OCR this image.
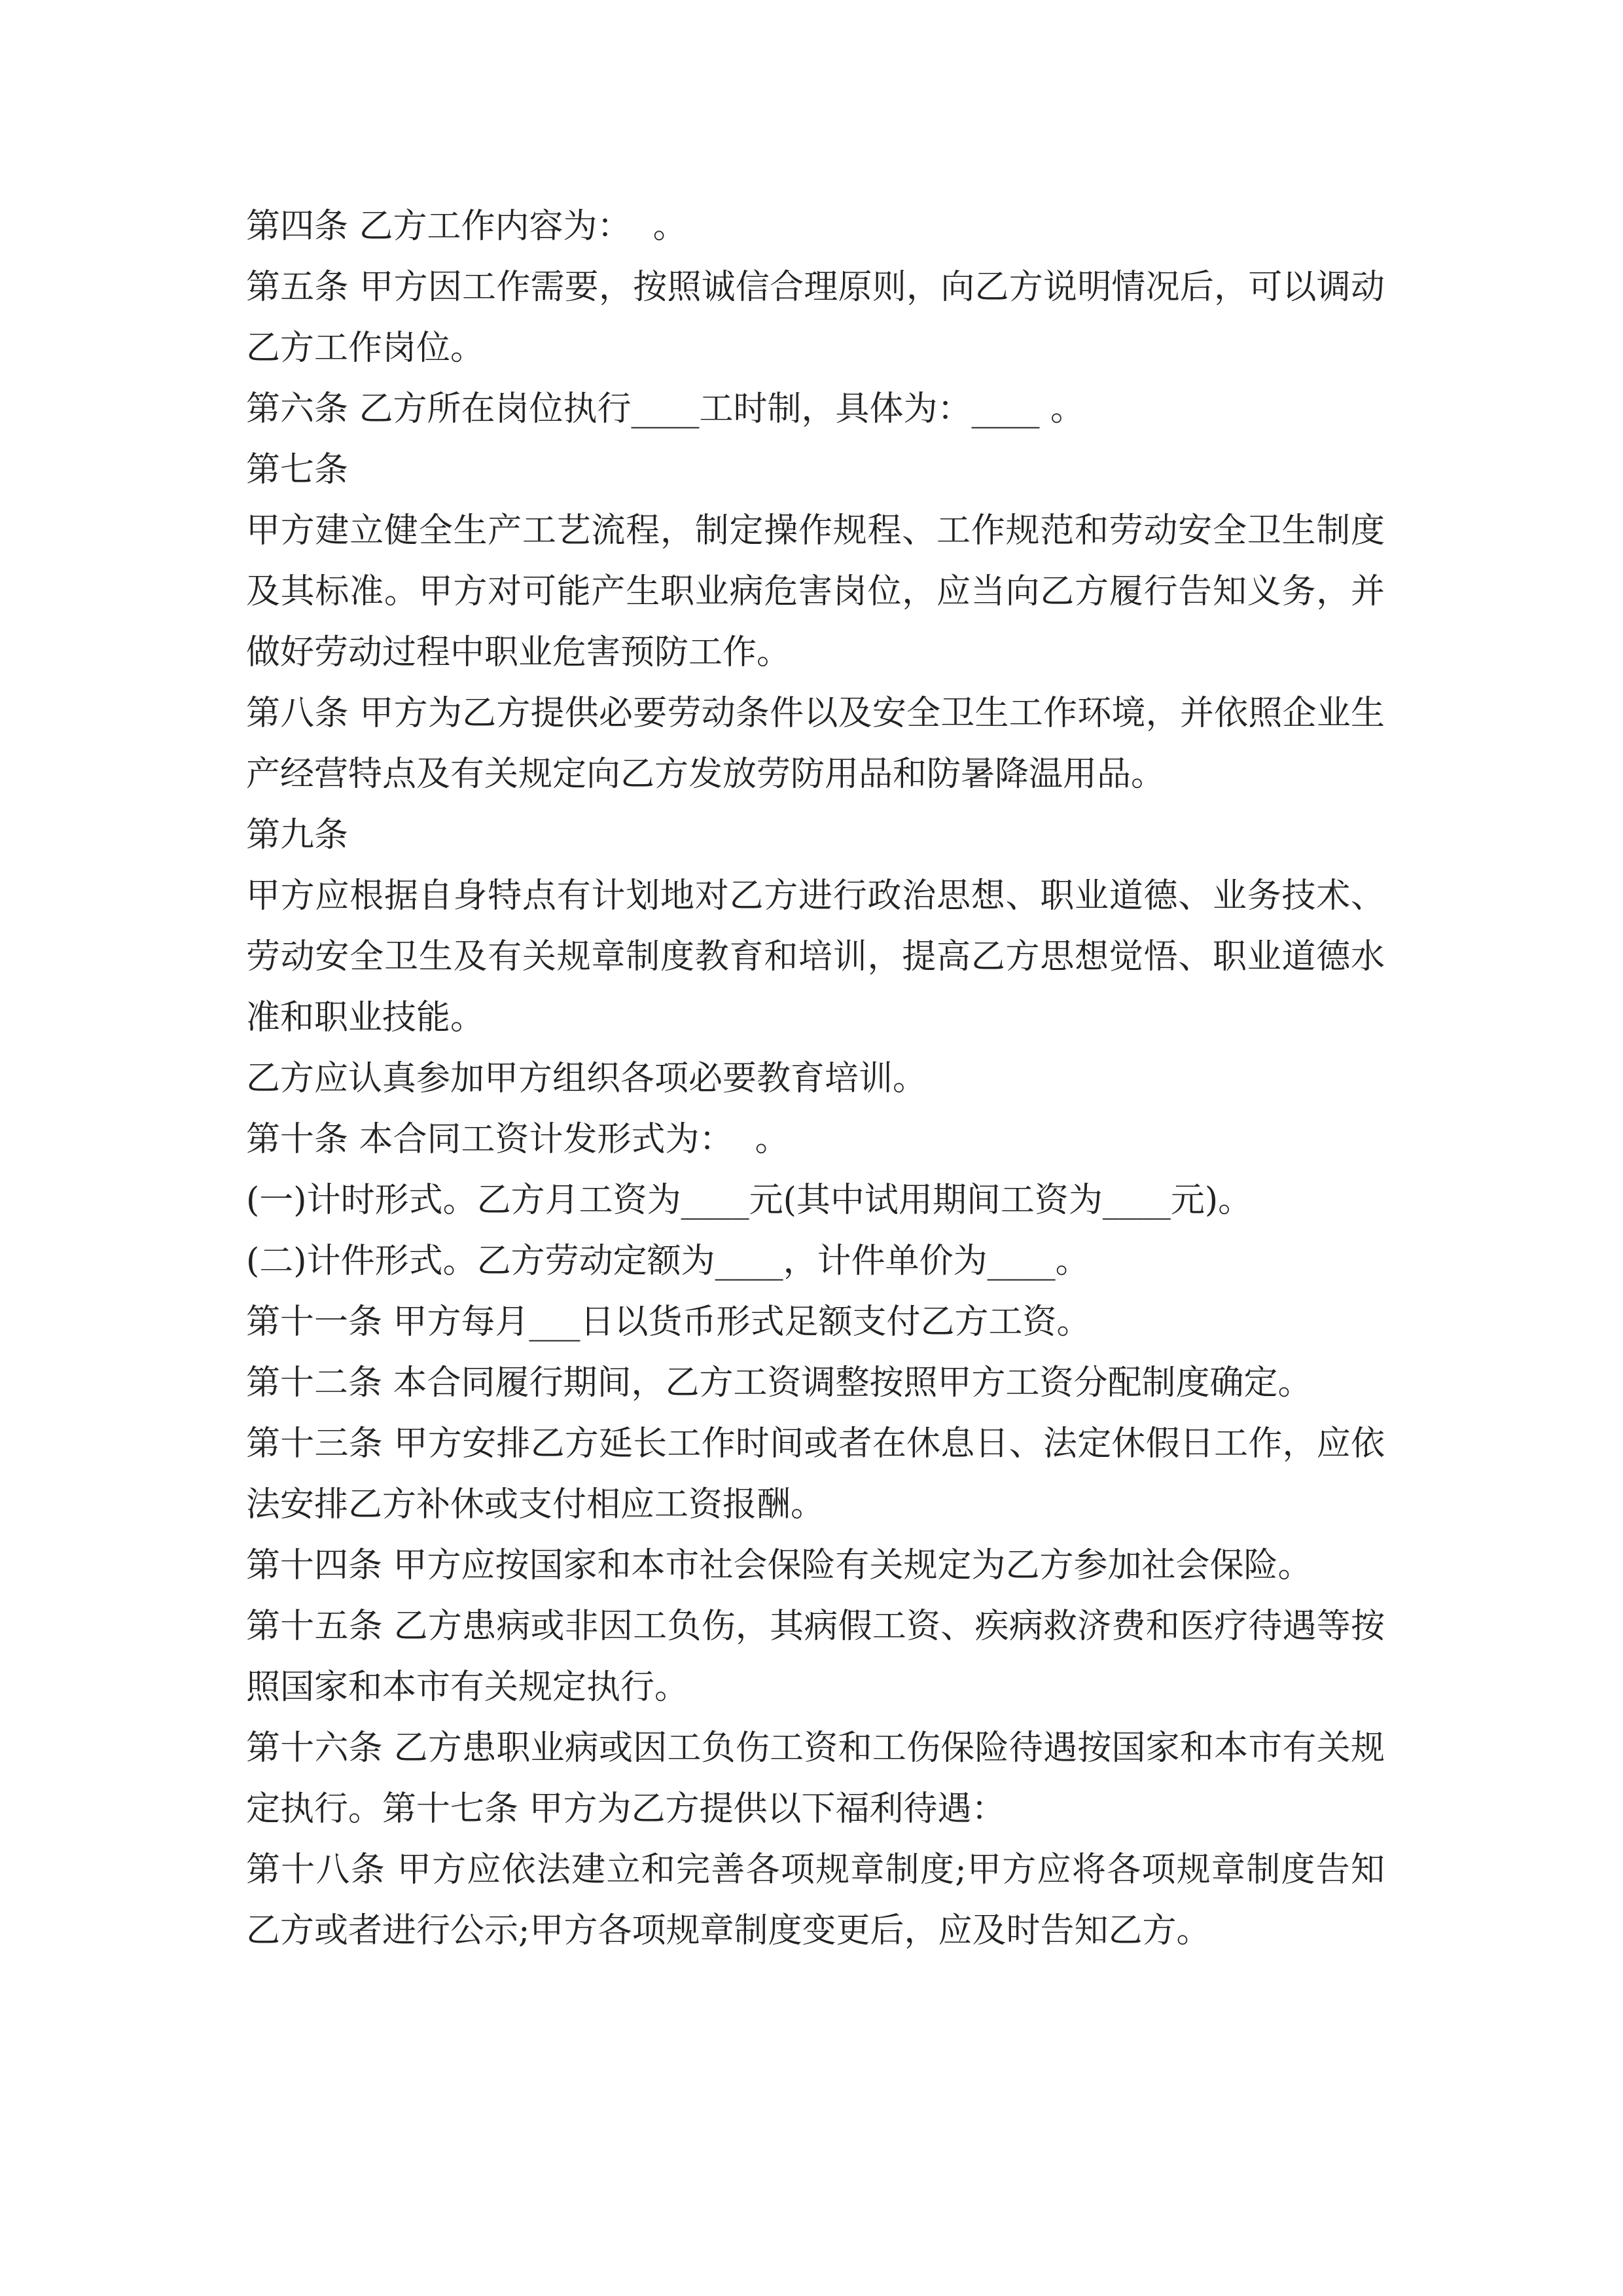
第四条 乙方工作内容为：  。

第五条 甲方因工作需要，按照诚信合理原则，向乙方说明情况后，可以调动乙方工作岗位。

第六条 乙方所在岗位执行____工时制，具体为：____ 。

第七条

甲方建立健全生产工艺流程，制定操作规程、工作规范和劳动安全卫生制度及其标准。甲方对可能产生职业病危害岗位，应当向乙方履行告知义务，并做好劳动过程中职业危害预防工作。

第八条 甲方为乙方提供必要劳动条件以及安全卫生工作环境，并依照企业生产经营特点及有关规定向乙方发放劳防用品和防暑降温用品。

第九条

甲方应根据自身特点有计划地对乙方进行政治思想、职业道德、业务技术、劳动安全卫生及有关规章制度教育和培训，提高乙方思想觉悟、职业道德水准和职业技能。

乙方应认真参加甲方组织各项必要教育培训。

第十条 本合同工资计发形式为：  。

(一)计时形式。乙方月工资为____元(其中试用期间工资为____元)。

(二)计件形式。乙方劳动定额为____，计件单价为____。

第十一条 甲方每月___日以货币形式足额支付乙方工资。

第十二条 本合同履行期间，乙方工资调整按照甲方工资分配制度确定。

第十三条 甲方安排乙方延长工作时间或者在休息日、法定休假日工作，应依法安排乙方补休或支付相应工资报酬。

第十四条 甲方应按国家和本市社会保险有关规定为乙方参加社会保险。

第十五条 乙方患病或非因工负伤，其病假工资、疾病救济费和医疗待遇等按照国家和本市有关规定执行。

第十六条 乙方患职业病或因工负伤工资和工伤保险待遇按国家和本市有关规定执行。第十七条 甲方为乙方提供以下福利待遇：

第十八条 甲方应依法建立和完善各项规章制度;甲方应将各项规章制度告知乙方或者进行公示;甲方各项规章制度变更后，应及时告知乙方。
